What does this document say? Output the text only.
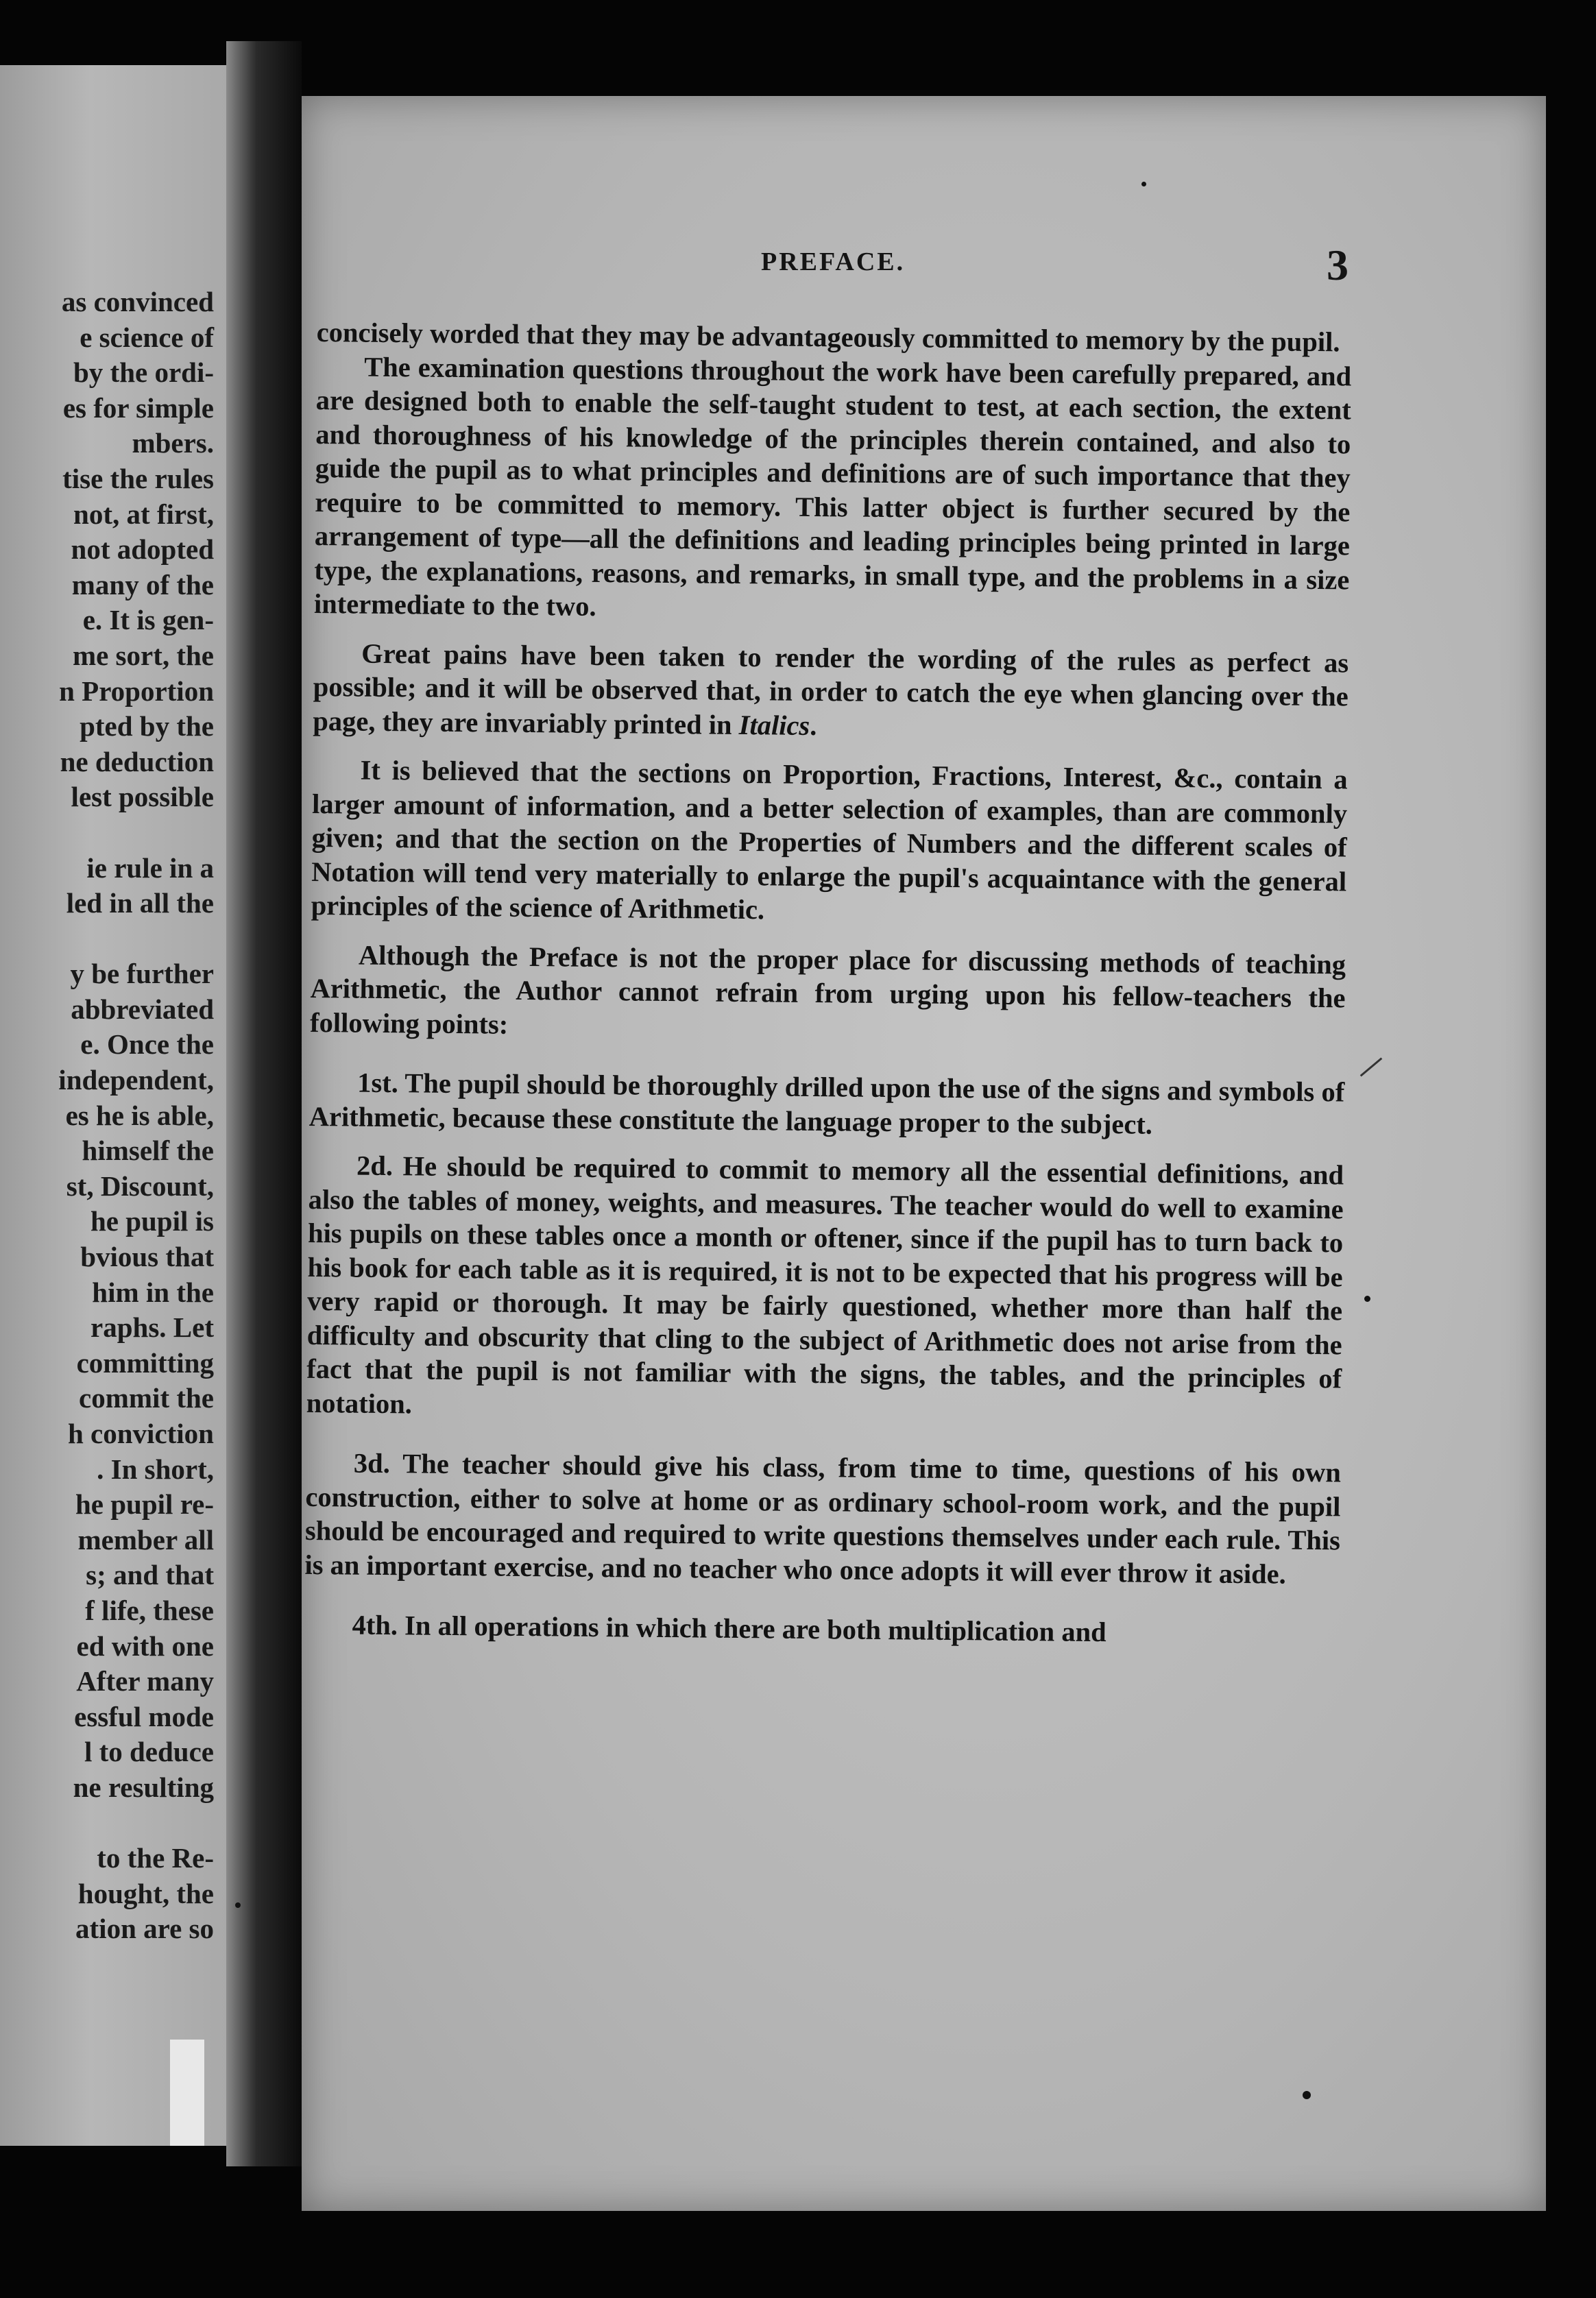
as convinced
e science of
by the ordi-
es for simple
mbers.
tise the rules
not, at first,
not adopted
many of the
e. It is gen-
me sort, the
n Proportion
pted by the
ne deduction
lest possible
ie rule in a
led in all the
y be further
abbreviated
e. Once the
independent,
es he is able,
himself the
st, Discount,
he pupil is
bvious that
him in the
raphs. Let
committing
commit the
h conviction
. In short,
he pupil re-
member all
s; and that
f life, these
ed with one
After many
essful mode
l to deduce
ne resulting
to the Re-
hought, the
ation are so
PREFACE.	3

concisely worded that they may be advantageously committed to memory by the pupil.

The examination questions throughout the work have been carefully prepared, and are designed both to enable the self-taught student to test, at each section, the extent and thoroughness of his knowledge of the principles therein contained, and also to guide the pupil as to what principles and definitions are of such importance that they require to be committed to memory. This latter object is further secured by the arrangement of type—all the definitions and leading principles being printed in large type, the explanations, reasons, and remarks, in small type, and the problems in a size intermediate to the two.

Great pains have been taken to render the wording of the rules as perfect as possible; and it will be observed that, in order to catch the eye when glancing over the page, they are invariably printed in Italics.

It is believed that the sections on Proportion, Fractions, Interest, &c., contain a larger amount of information, and a better selection of examples, than are commonly given; and that the section on the Properties of Numbers and the different scales of Notation will tend very materially to enlarge the pupil's acquaintance with the general principles of the science of Arithmetic.

Although the Preface is not the proper place for discussing methods of teaching Arithmetic, the Author cannot refrain from urging upon his fellow-teachers the following points:

1st. The pupil should be thoroughly drilled upon the use of the signs and symbols of Arithmetic, because these constitute the language proper to the subject.

2d. He should be required to commit to memory all the essential definitions, and also the tables of money, weights, and measures. The teacher would do well to examine his pupils on these tables once a month or oftener, since if the pupil has to turn back to his book for each table as it is required, it is not to be expected that his progress will be very rapid or thorough. It may be fairly questioned, whether more than half the difficulty and obscurity that cling to the subject of Arithmetic does not arise from the fact that the pupil is not familiar with the signs, the tables, and the principles of notation.

3d. The teacher should give his class, from time to time, questions of his own construction, either to solve at home or as ordinary school-room work, and the pupil should be encouraged and required to write questions themselves under each rule. This is an important exercise, and no teacher who once adopts it will ever throw it aside.

4th. In all operations in which there are both multiplication and
